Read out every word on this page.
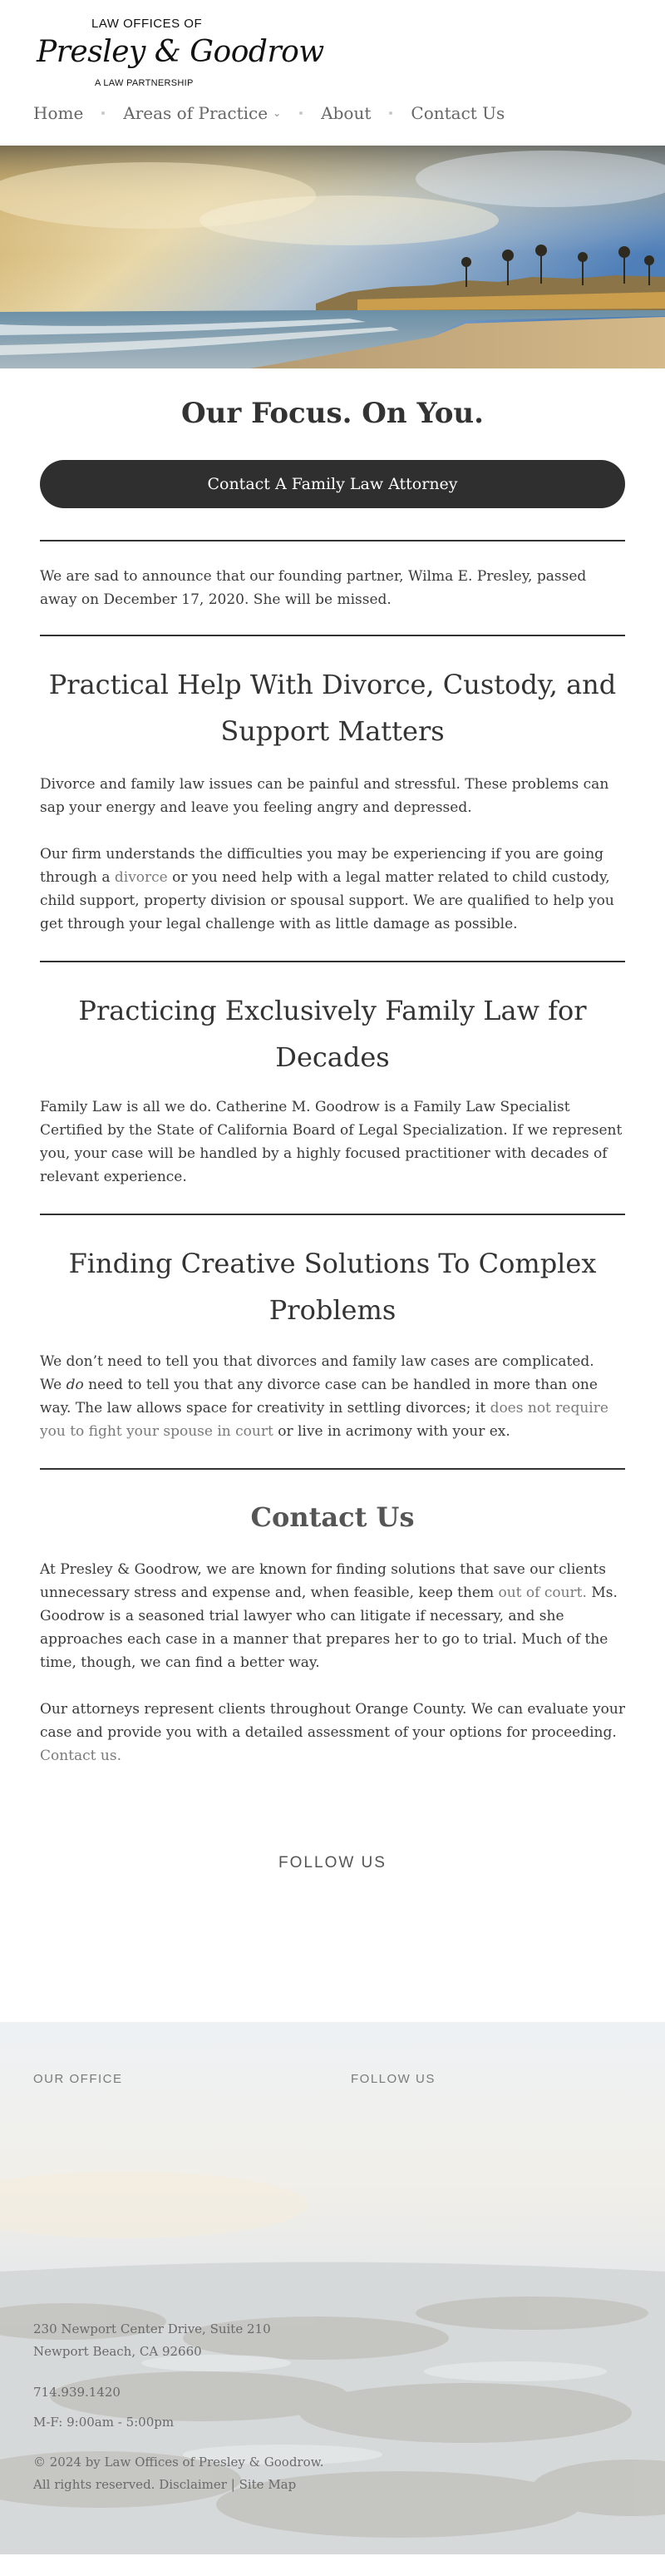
LAW OFFICES OF
Presley & Goodrow
A LAW PARTNERSHIP
Home Areas of Practice ⌄ About Contact Us
Our Focus. On You.
Contact A Family Law Attorney

We are sad to announce that our founding partner, Wilma E. Presley, passed away on December 17, 2020. She will be missed.

Practical Help With Divorce, Custody, and Support Matters

Divorce and family law issues can be painful and stressful. These problems can sap your energy and leave you feeling angry and depressed.

Our firm understands the difficulties you may be experiencing if you are going through a divorce or you need help with a legal matter related to child custody, child support, property division or spousal support. We are qualified to help you get through your legal challenge with as little damage as possible.

Practicing Exclusively Family Law for Decades

Family Law is all we do. Catherine M. Goodrow is a Family Law Specialist Certified by the State of California Board of Legal Specialization. If we represent you, your case will be handled by a highly focused practitioner with decades of relevant experience.

Finding Creative Solutions To Complex Problems

We don’t need to tell you that divorces and family law cases are complicated.
We do need to tell you that any divorce case can be handled in more than one way. The law allows space for creativity in settling divorces; it does not require you to fight your spouse in court or live in acrimony with your ex.

Contact Us

At Presley & Goodrow, we are known for finding solutions that save our clients unnecessary stress and expense and, when feasible, keep them out of court. Ms. Goodrow is a seasoned trial lawyer who can litigate if necessary, and she approaches each case in a manner that prepares her to go to trial. Much of the time, though, we can find a better way.

Our attorneys represent clients throughout Orange County. We can evaluate your case and provide you with a detailed assessment of your options for proceeding. Contact us.

FOLLOW US
OUR OFFICE	FOLLOW US
230 Newport Center Drive, Suite 210
Newport Beach, CA 92660
714.939.1420
M-F: 9:00am - 5:00pm
© 2024 by Law Offices of Presley & Goodrow.
All rights reserved. Disclaimer | Site Map
